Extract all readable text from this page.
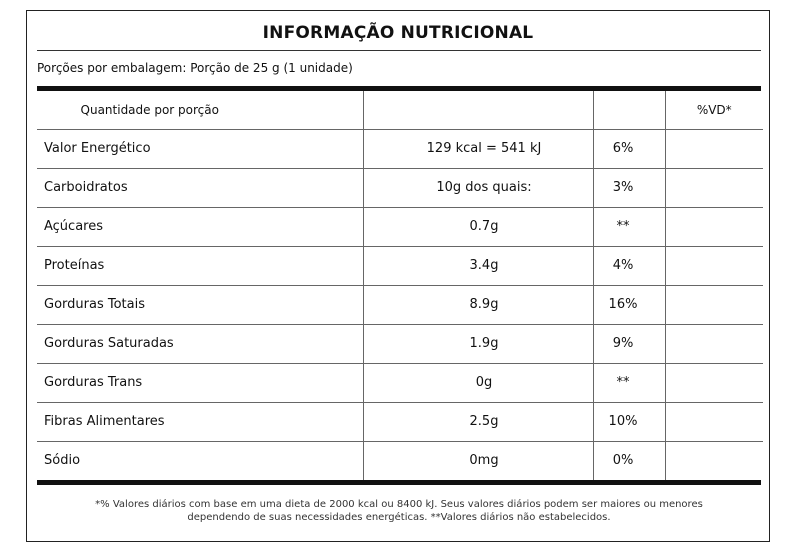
INFORMAÇÃO NUTRICIONAL
Porções por embalagem: Porção de 25 g (1 unidade)
Quantidade por porção			%VD*
Valor Energético	129 kcal = 541 kJ	6%	
Carboidratos	10g dos quais:	3%	
Açúcares	0.7g	**	
Proteínas	3.4g	4%	
Gorduras Totais	8.9g	16%	
Gorduras Saturadas	1.9g	9%	
Gorduras Trans	0g	**	
Fibras Alimentares	2.5g	10%	
Sódio	0mg	0%	
*% Valores diários com base em uma dieta de 2000 kcal ou 8400 kJ. Seus valores diários podem ser maiores ou menores
dependendo de suas necessidades energéticas. **Valores diários não estabelecidos.
